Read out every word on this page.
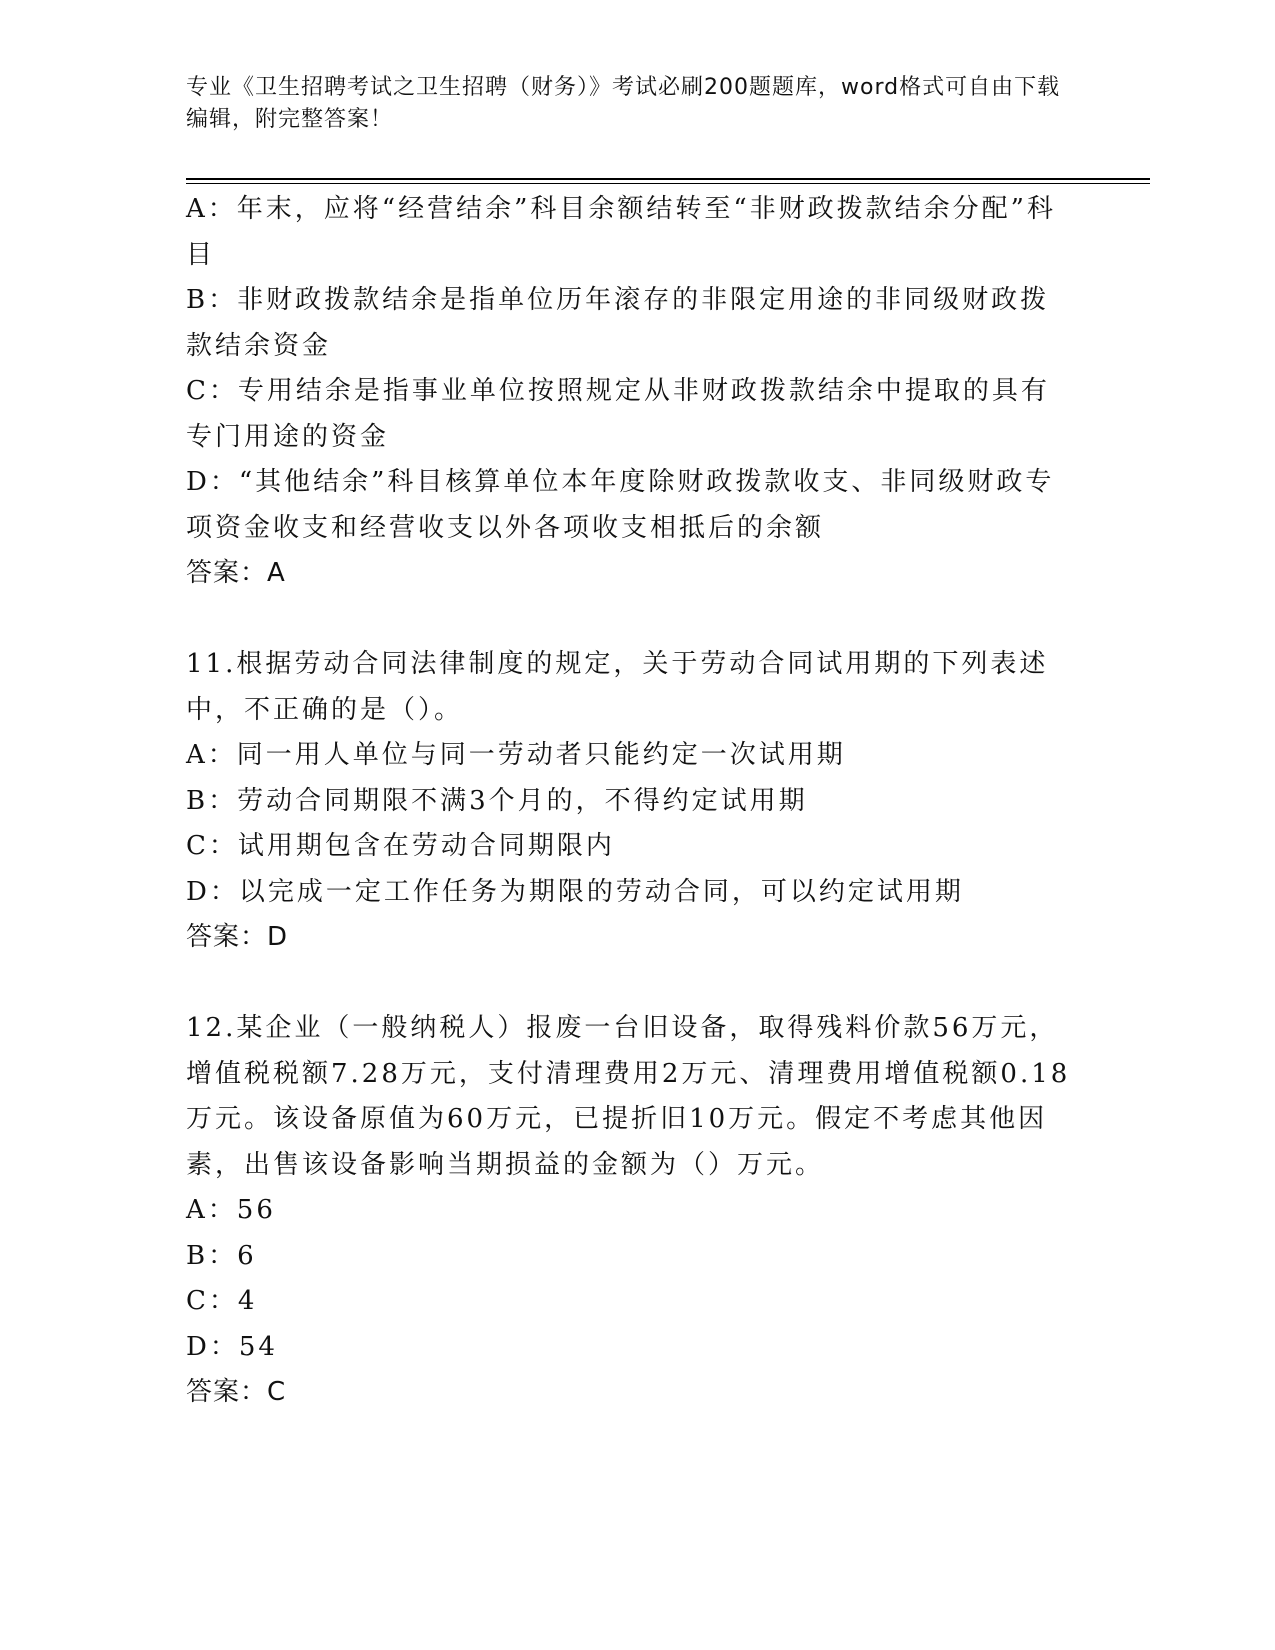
专业《卫生招聘考试之卫生招聘（财务）》考试必刷200题题库，word格式可自由下载编辑，附完整答案！

A：年末，应将“经营结余”科目余额结转至“非财政拨款结余分配”科目

B：非财政拨款结余是指单位历年滚存的非限定用途的非同级财政拨款结余资金

C：专用结余是指事业单位按照规定从非财政拨款结余中提取的具有专门用途的资金

D：“其他结余”科目核算单位本年度除财政拨款收支、非同级财政专项资金收支和经营收支以外各项收支相抵后的余额

答案：A

11.根据劳动合同法律制度的规定，关于劳动合同试用期的下列表述中，不正确的是（）。

A：同一用人单位与同一劳动者只能约定一次试用期

B：劳动合同期限不满3个月的，不得约定试用期

C：试用期包含在劳动合同期限内

D：以完成一定工作任务为期限的劳动合同，可以约定试用期

答案：D

12.某企业（一般纳税人）报废一台旧设备，取得残料价款56万元，增值税税额7.28万元，支付清理费用2万元、清理费用增值税额0.18万元。该设备原值为60万元，已提折旧10万元。假定不考虑其他因素，出售该设备影响当期损益的金额为（）万元。

A：56

B：6

C：4

D：54

答案：C
